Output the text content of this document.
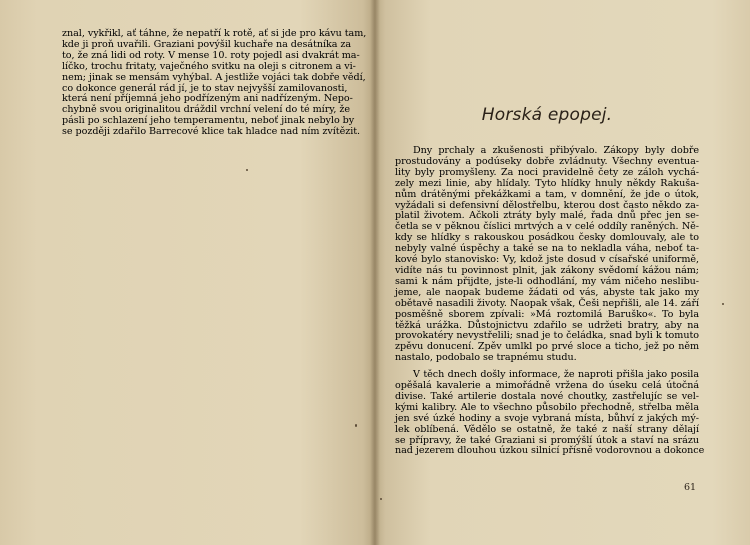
znal, vykřikl, ať táhne, že nepatří k rotě, ať si jde pro kávu tam,
kde ji proň uvařili. Graziani povýšil kuchaře na desátníka za
to, že zná lidi od roty. V mense 10. roty pojedl asi dvakrát ma-
líčko, trochu fritaty, vaječného svitku na oleji s citronem a vi-
nem; jinak se mensám vyhýbal. A jestliže vojáci tak dobře vědí,
co dokonce generál rád jí, je to stav nejvyšší zamilovanosti,
která není příjemná jeho podřízeným ani nadřízeným. Nepo-
chybně svou originalitou dráždil vrchní velení do té míry, že
pásli po schlazení jeho temperamentu, neboť jinak nebylo by
se později zdařilo Barrecové klice tak hladce nad ním zvítězit.

Horská epopej.

Dny prchaly a zkušenosti přibývalo. Zákopy byly dobře
prostudovány a podúseky dobře zvládnuty. Všechny eventua-
lity byly promyšleny. Za noci pravidelně čety ze záloh vychá-
zely mezi linie, aby hlídaly. Tyto hlídky hnuly někdy Rakuša-
nům drátěnými překážkami a tam, v domnění, že jde o útok,
vyžádali si defensivní dělostřelbu, kterou dost často někdo za-
platil životem. Ačkoli ztráty byly malé, řada dnů přec jen se-
četla se v pěknou číslici mrtvých a v celé oddíly raněných. Ně-
kdy se hlídky s rakouskou posádkou česky domlouvaly, ale to
nebyly valné úspěchy a také se na to nekladla váha, neboť ta-
kové bylo stanovisko: Vy, kdož jste dosud v císařské uniformě,
vidíte nás tu povinnost plnit, jak zákony svědomí kážou nám;
sami k nám přijdte, jste-li odhodlání, my vám ničeho neslibu-
jeme, ale naopak budeme žádati od vás, abyste tak jako my
obětavě nasadili životy. Naopak však, Češi nepřišli, ale 14. září
posměšně sborem zpívali: »Má roztomilá Baruško«. To byla
těžká urážka. Důstojnictvu zdařilo se udržeti bratry, aby na
provokatéry nevystřelili; snad je to čeládka, snad byli k tomuto
zpěvu donucení. Zpěv umlkl po prvé sloce a ticho, jež po něm
nastalo, podobalo se trapnému studu.

V těch dnech došly informace, že naproti přišla jako posila
opěšalá kavalerie a mimořádně vržena do úseku celá útočná
divise. Také artilerie dostala nové choutky, zastřelujíc se vel-
kými kalibry. Ale to všechno působilo přechodně, střelba měla
jen své úzké hodiny a svoje vybraná místa, bůhví z jakých mý-
lek oblíbená. Vědělo se ostatně, že také z naší strany dělají
se přípravy, že také Graziani si promýšlí útok a staví na srázu
nad jezerem dlouhou úzkou silnicí přísně vodorovnou a dokonce

61
